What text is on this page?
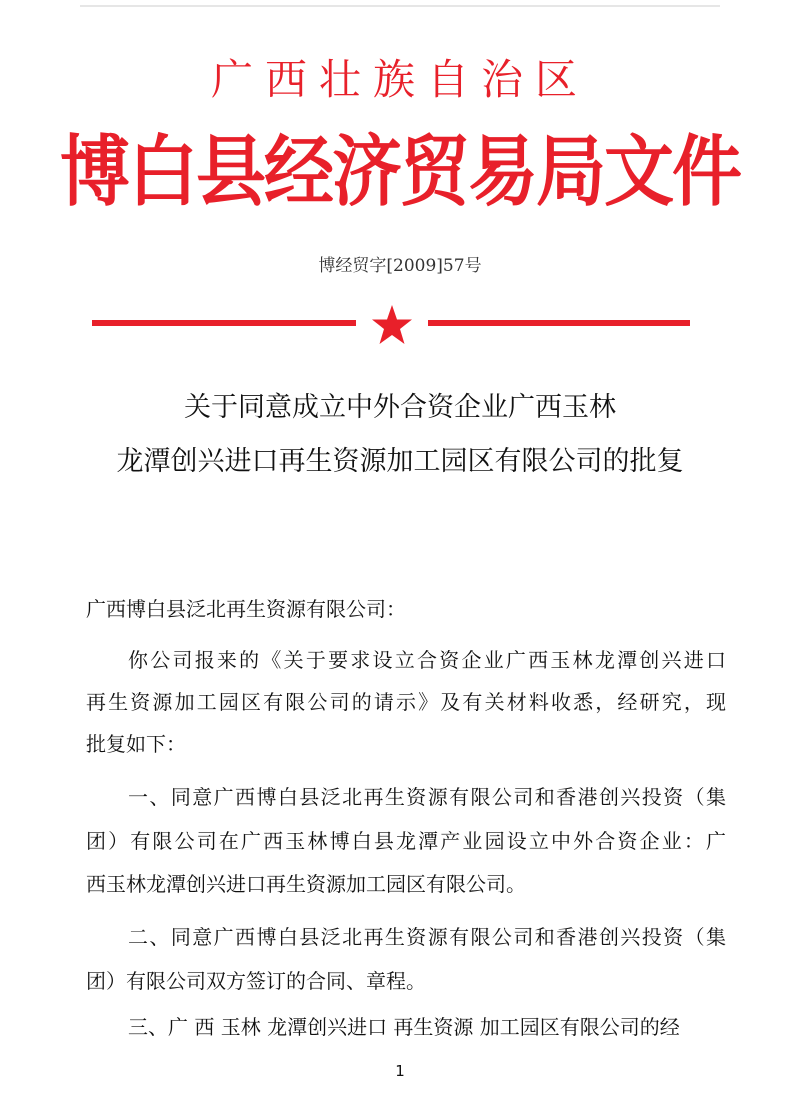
广西壮族自治区
博白县经济贸易局文件
博经贸字[2009]57号
关于同意成立中外合资企业广西玉林
龙潭创兴进口再生资源加工园区有限公司的批复
广西博白县泛北再生资源有限公司：
你公司报来的《关于要求设立合资企业广西玉林龙潭创兴进口
再生资源加工园区有限公司的请示》及有关材料收悉，经研究，现
批复如下：
一、同意广西博白县泛北再生资源有限公司和香港创兴投资（集
团）有限公司在广西玉林博白县龙潭产业园设立中外合资企业：广
西玉林龙潭创兴进口再生资源加工园区有限公司。
二、同意广西博白县泛北再生资源有限公司和香港创兴投资（集
团）有限公司双方签订的合同、章程。
三、广 西 玉林 龙潭创兴进口 再生资源 加工园区有限公司的经
1
